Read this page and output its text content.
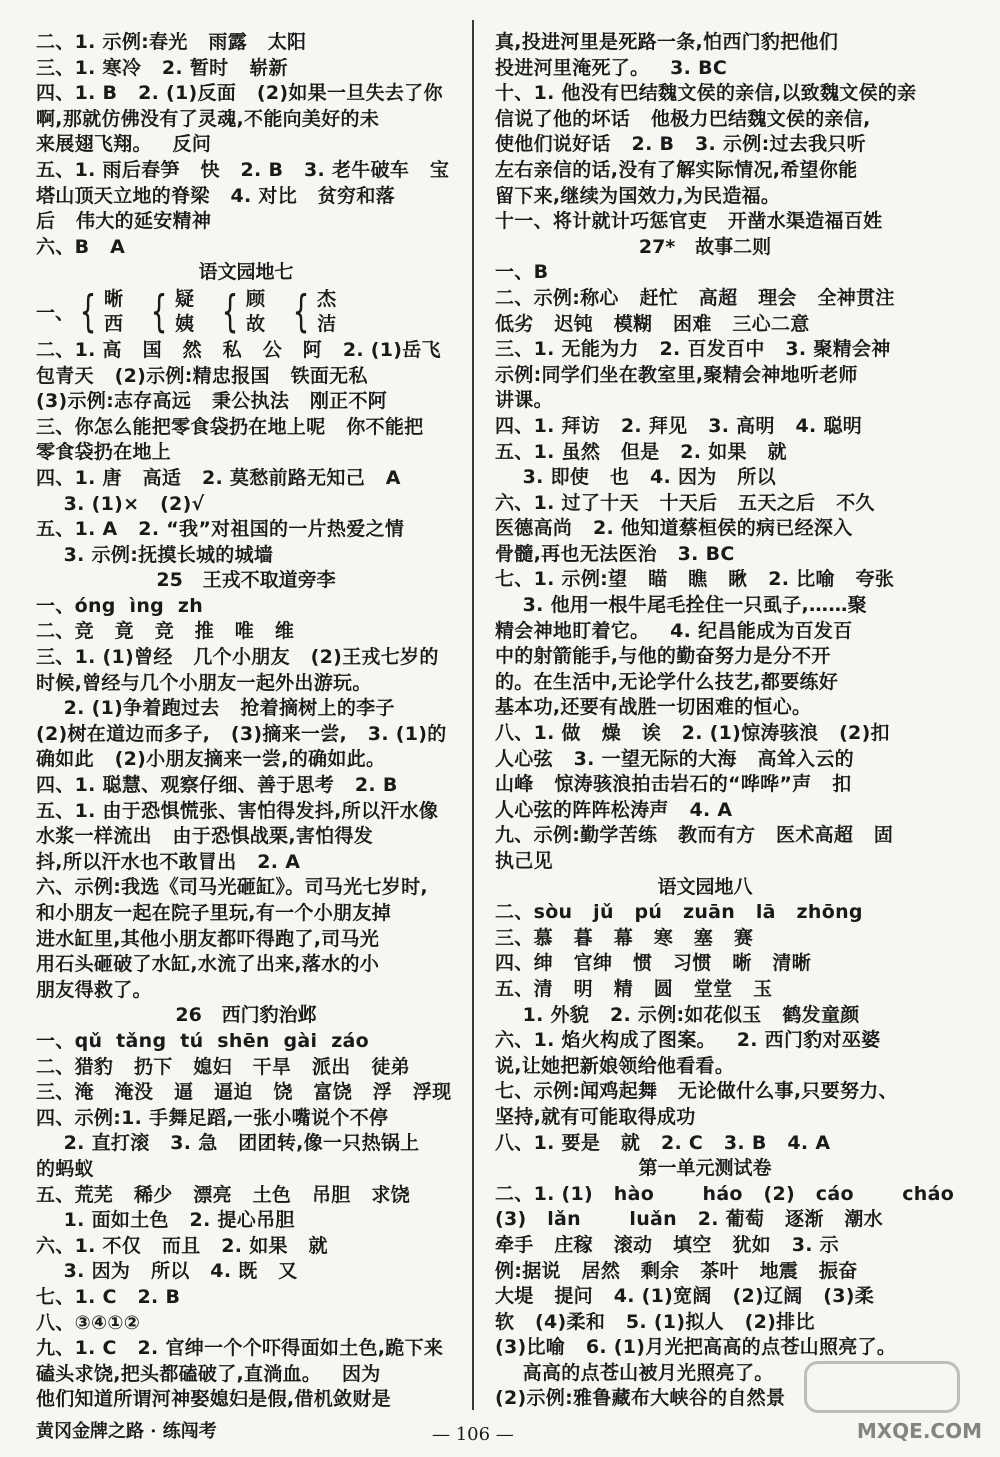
二、1. 示例:春光   雨露   太阳
三、1. 寒冷   2. 暂时   崭新
四、1. B   2. (1)反面   (2)如果一旦失去了你
啊,那就仿佛没有了灵魂,不能向美好的未
来展翅飞翔。   反问
五、1. 雨后春笋   快   2. B   3. 老牛破车   宝
塔山顶天立地的脊梁   4. 对比   贫穷和落
后   伟大的延安精神
六、B   A
语文园地七
一、 { 晰
西 { 疑
姨 { 顾
故 { 杰
洁
二、1. 高   国   然   私   公   阿   2. (1)岳飞
包青天   (2)示例:精忠报国   铁面无私
(3)示例:志存高远   秉公执法   刚正不阿
三、你怎么能把零食袋扔在地上呢   你不能把
零食袋扔在地上
四、1. 唐   高适   2. 莫愁前路无知己   A
3. (1)×   (2)√
五、1. A   2. “我”对祖国的一片热爱之情
3. 示例:抚摸长城的城墙
25   王戎不取道旁李
一、óng  ìng  zh
二、竞   竟   竞   推   唯   维
三、1. (1)曾经   几个小朋友   (2)王戎七岁的
时候,曾经与几个小朋友一起外出游玩。
2. (1)争着跑过去   抢着摘树上的李子
(2)树在道边而多子,   (3)摘来一尝,   3. (1)的
确如此   (2)小朋友摘来一尝,的确如此。
四、1. 聪慧、观察仔细、善于思考   2. B
五、1. 由于恐惧慌张、害怕得发抖,所以汗水像
水浆一样流出   由于恐惧战栗,害怕得发
抖,所以汗水也不敢冒出   2. A
六、示例:我选《司马光砸缸》。司马光七岁时,
和小朋友一起在院子里玩,有一个小朋友掉
进水缸里,其他小朋友都吓得跑了,司马光
用石头砸破了水缸,水流了出来,落水的小
朋友得救了。
26   西门豹治邺
一、qǔ  tǎng  tú  shēn  gài  záo
二、猎豹   扔下   媳妇   干旱   派出   徒弟
三、淹   淹没   逼   逼迫   饶   富饶   浮   浮现
四、示例:1. 手舞足蹈,一张小嘴说个不停
2. 直打滚   3. 急   团团转,像一只热锅上
的蚂蚁
五、荒芜   稀少   漂亮   土色   吊胆   求饶
1. 面如土色   2. 提心吊胆
六、1. 不仅   而且   2. 如果   就
3. 因为   所以   4. 既   又
七、1. C   2. B
八、③④①②
九、1. C   2. 官绅一个个吓得面如土色,跪下来
磕头求饶,把头都磕破了,直淌血。   因为
他们知道所谓河神娶媳妇是假,借机敛财是
真,投进河里是死路一条,怕西门豹把他们
投进河里淹死了。   3. BC
十、1. 他没有巴结魏文侯的亲信,以致魏文侯的亲
信说了他的坏话   他极力巴结魏文侯的亲信,
使他们说好话   2. B   3. 示例:过去我只听
左右亲信的话,没有了解实际情况,希望你能
留下来,继续为国效力,为民造福。
十一、将计就计巧惩官吏   开凿水渠造福百姓
27*   故事二则
一、B
二、示例:称心   赶忙   高超   理会   全神贯注
低劣   迟钝   模糊   困难   三心二意
三、1. 无能为力   2. 百发百中   3. 聚精会神
示例:同学们坐在教室里,聚精会神地听老师
讲课。
四、1. 拜访   2. 拜见   3. 高明   4. 聪明
五、1. 虽然   但是   2. 如果   就
3. 即使   也   4. 因为   所以
六、1. 过了十天   十天后   五天之后   不久
医德高尚   2. 他知道蔡桓侯的病已经深入
骨髓,再也无法医治   3. BC
七、1. 示例:望   瞄   瞧   瞅   2. 比喻   夸张
3. 他用一根牛尾毛拴住一只虱子,……聚
精会神地盯着它。   4. 纪昌能成为百发百
中的射箭能手,与他的勤奋努力是分不开
的。在生活中,无论学什么技艺,都要练好
基本功,还要有战胜一切困难的恒心。
八、1. 做   燥   诶   2. (1)惊涛骇浪   (2)扣
人心弦   3. 一望无际的大海   高耸入云的
山峰   惊涛骇浪拍击岩石的“哗哗”声   扣
人心弦的阵阵松涛声   4. A
九、示例:勤学苦练   教而有方   医术高超   固
执己见
语文园地八
二、sòu   jǔ   pú   zuān   lā   zhōng
三、慕   暮   幕   寒   塞   赛
四、绅   官绅   惯   习惯   晰   清晰
五、清   明   精   圆   堂堂   玉
1. 外貌   2. 示例:如花似玉   鹤发童颜
六、1. 焰火构成了图案。   2. 西门豹对巫婆
说,让她把新娘领给他看看。
七、示例:闻鸡起舞   无论做什么事,只要努力、
坚持,就有可能取得成功
八、1. 要是   就   2. C   3. B   4. A
第一单元测试卷
二、1. (1)   hào       háo   (2)   cáo       cháo
(3)   lǎn       luǎn   2. 葡萄   逐渐   潮水
牵手   庄稼   滚动   填空   犹如   3. 示
例:据说   居然   剩余   茶叶   地震   振奋
大堤   提问   4. (1)宽阔   (2)辽阔   (3)柔
软   (4)柔和   5. (1)拟人   (2)排比
(3)比喻   6. (1)月光把高高的点苍山照亮了。
高高的点苍山被月光照亮了。
(2)示例:雅鲁藏布大峡谷的自然景
黄冈金牌之路 · 练闯考	— 106 —	MXQE.COM
